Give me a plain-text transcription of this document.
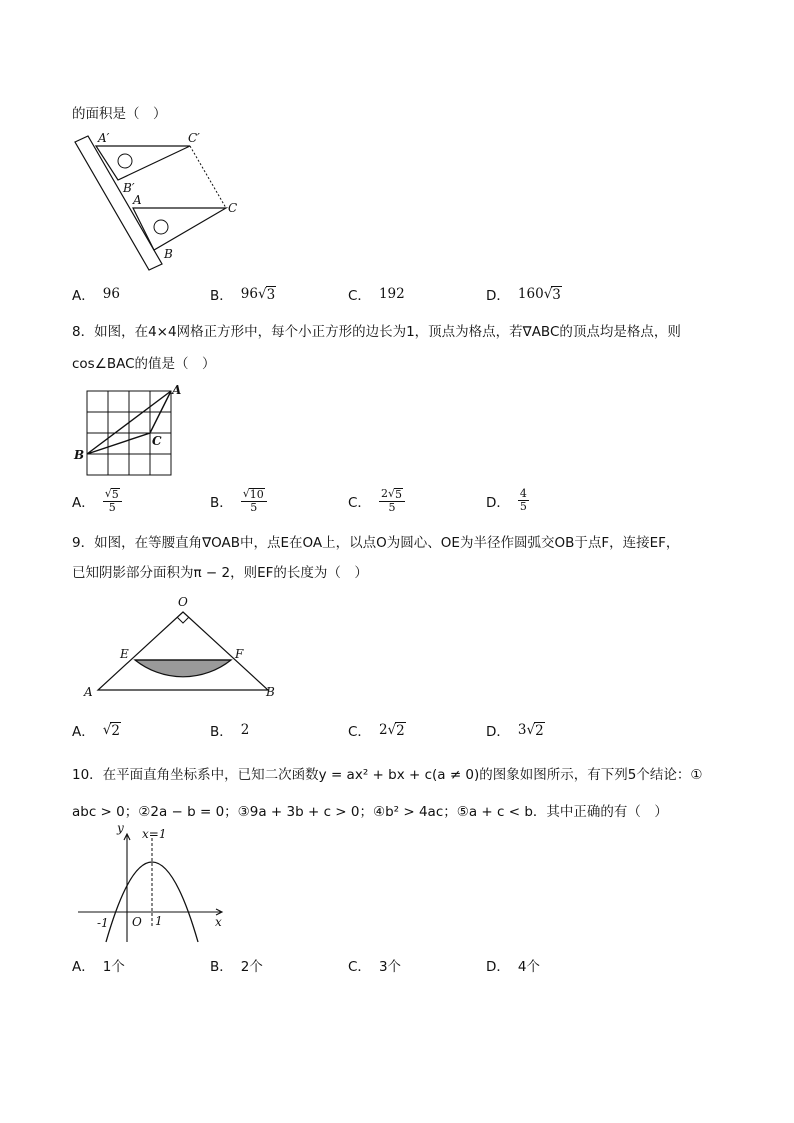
的面积是（　）
A′	C′
B′
A
C
B
A． 96	B． 96 √ 3	C． 192	D． 160 √ 3
8．如图，在4×4网格正方形中，每个小正方形的边长为1，顶点为格点，若∇ABC的顶点均是格点，则
cos∠BAC的值是（　）
A
B
C
A． $\frac{√ 5}{5}$	B． $\frac{√ 10}{5}$	C． $\frac{2√ 5}{5}$	D． $\frac{4}{5}$
9．如图，在等腰直角∇OAB中，点E在OA上，以点O为圆心、OE为半径作圆弧交OB于点F，连接EF，
已知阴影部分面积为π − 2，则EF的长度为（　）
O
E	F
A	B
A． √ 2	B． 2	C． 2 √ 2	D． 3 √ 2
10．在平面直角坐标系中，已知二次函数y = ax² + bx + c(a ≠ 0)的图象如图所示，有下列5个结论：①
abc > 0；②2a − b = 0；③9a + 3b + c > 0；④b² > 4ac；⑤a + c < b．其中正确的有（　）
y
x
x=1
-1 O 1
A． 1个	B． 2个	C． 3个	D． 4个
